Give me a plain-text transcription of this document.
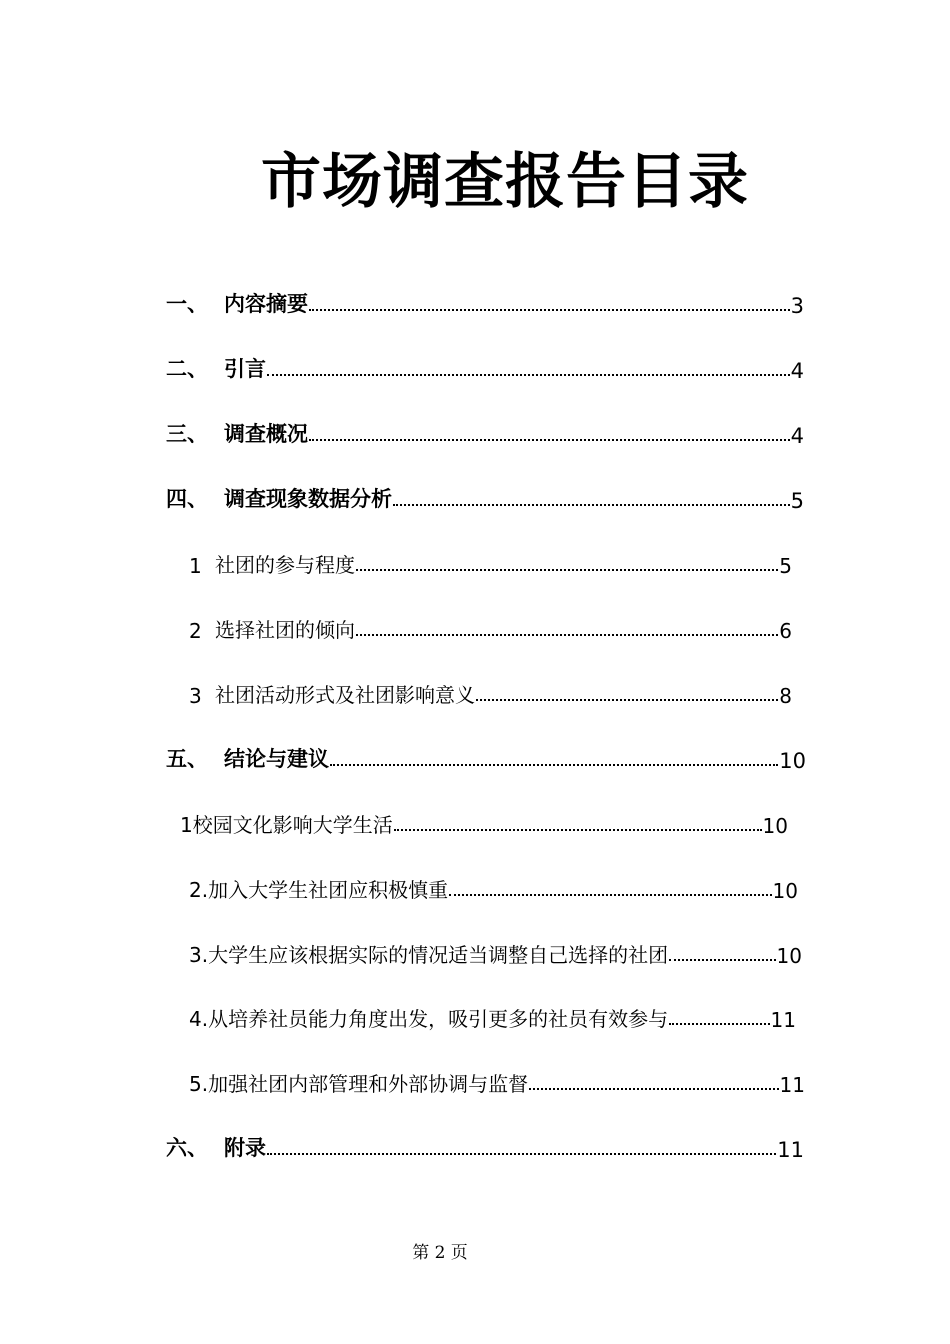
市场调查报告目录
一、 内容摘要	3
二、 引言	4
三、 调查概况	4
四、 调查现象数据分析	5
1 社团的参与程度	5
2 选择社团的倾向	6
3 社团活动形式及社团影响意义	8
五、 结论与建议	10
1校园文化影响大学生活	10
2.加入大学生社团应积极慎重	10
3.大学生应该根据实际的情况适当调整自己选择的社团	10
4.从培养社员能力角度出发，吸引更多的社员有效参与	11
5.加强社团内部管理和外部协调与监督	11
六、 附录	11
第 2 页
